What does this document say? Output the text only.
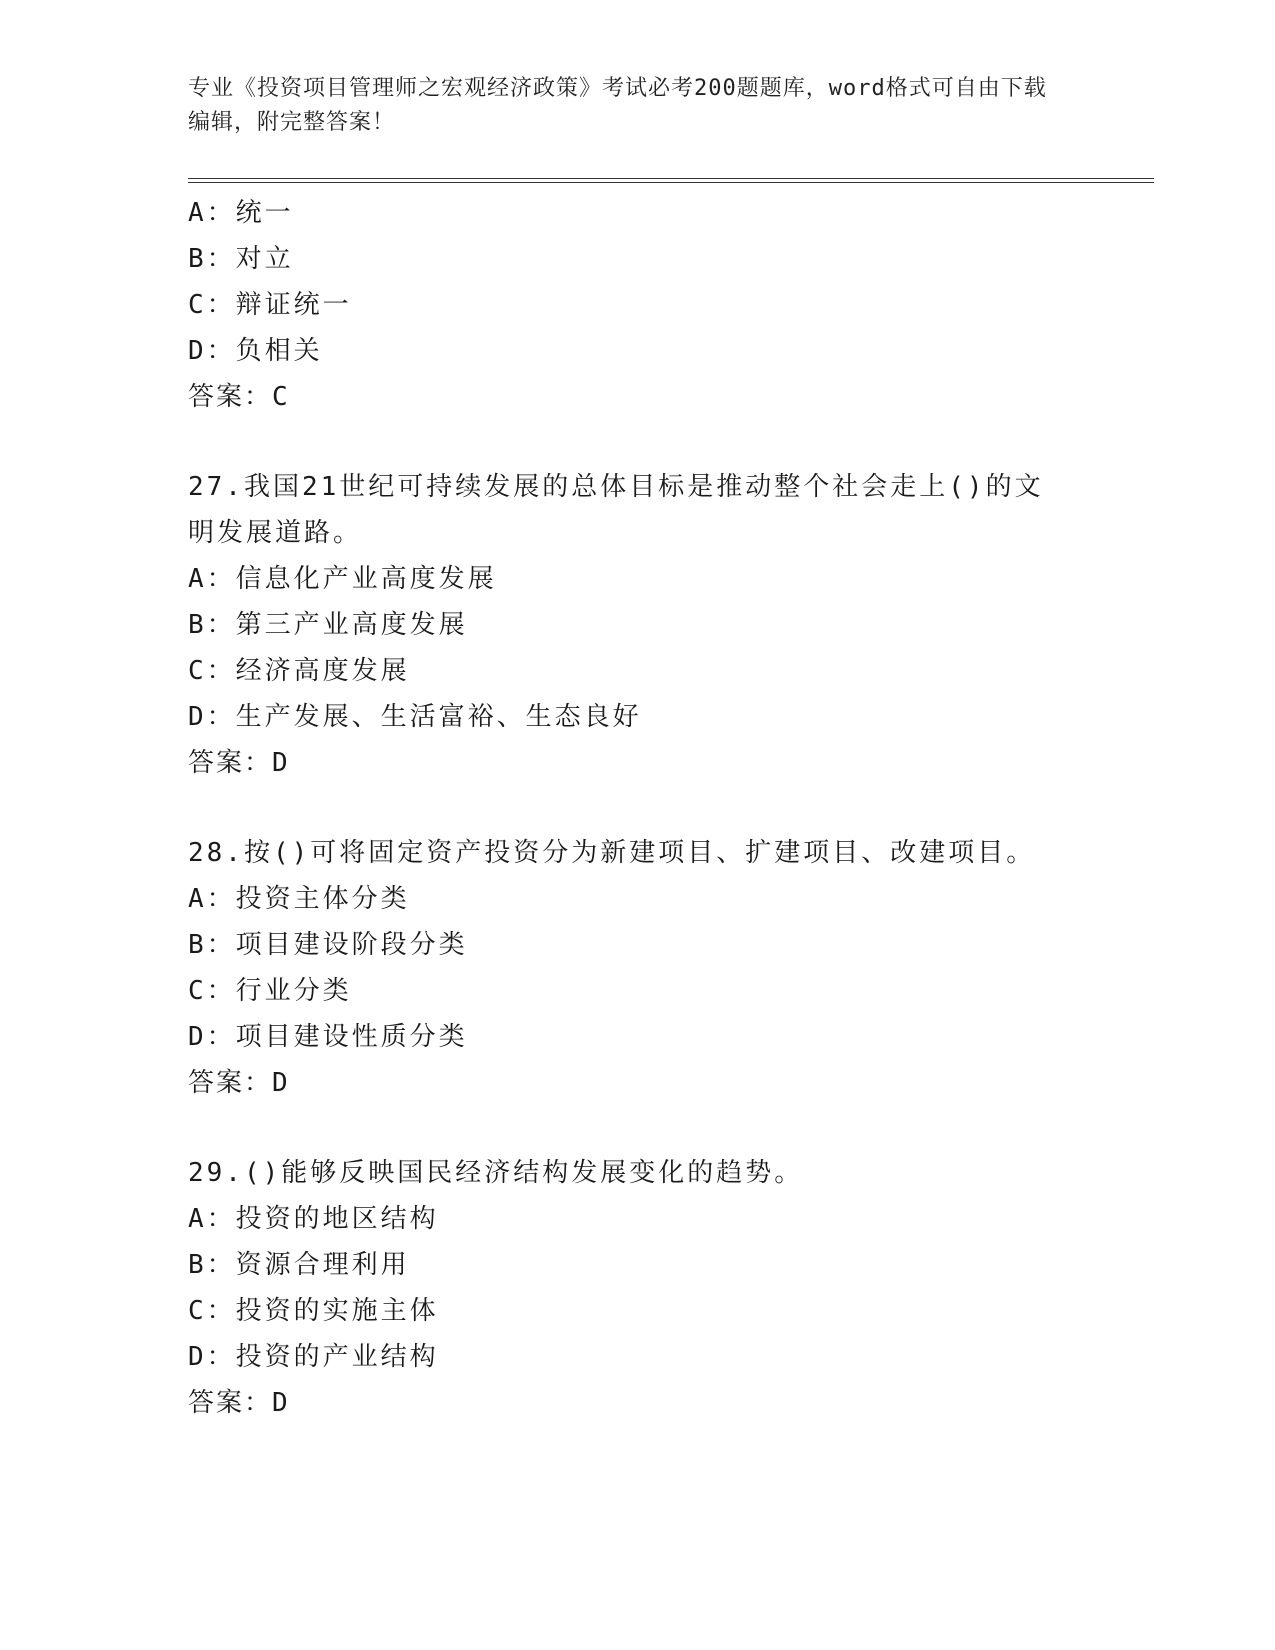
专业《投资项目管理师之宏观经济政策》考试必考200题题库，word格式可自由下载编辑，附完整答案！
A：统一
B：对立
C：辩证统一
D：负相关
答案：C
27.我国21世纪可持续发展的总体目标是推动整个社会走上()的文明发展道路。
A：信息化产业高度发展
B：第三产业高度发展
C：经济高度发展
D：生产发展、生活富裕、生态良好
答案：D
28.按()可将固定资产投资分为新建项目、扩建项目、改建项目。
A：投资主体分类
B：项目建设阶段分类
C：行业分类
D：项目建设性质分类
答案：D
29.()能够反映国民经济结构发展变化的趋势。
A：投资的地区结构
B：资源合理利用
C：投资的实施主体
D：投资的产业结构
答案：D
